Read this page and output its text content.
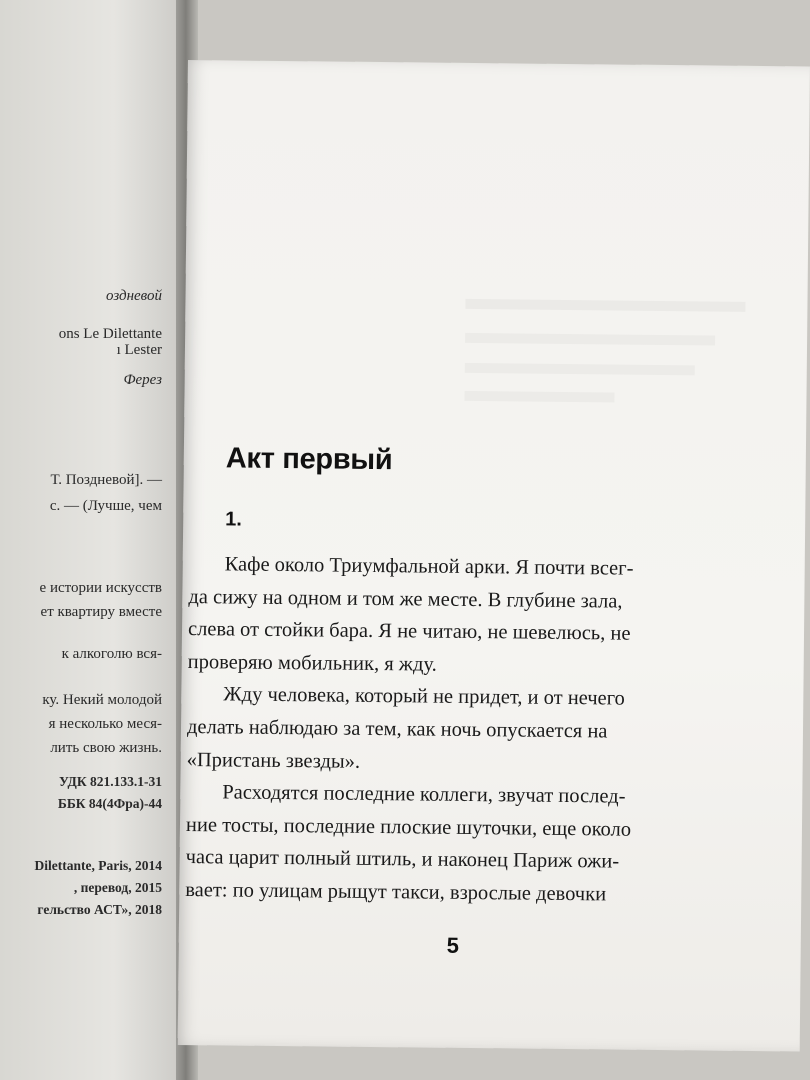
оздневой
ons Le Dilettante
ı Lester
Ферез
Т. Поздневой]. —
с. — (Лучше, чем
е истории искусств
ет квартиру вместе
к алкоголю вся-
ку. Некий молодой
я несколько меся-
лить свою жизнь.
УДК 821.133.1-31
ББК 84(4Фра)-44
Dilettante, Paris, 2014
, перевод, 2015
гельство АСТ», 2018
Акт первый
1.
Кафе около Триумфальной арки. Я почти всег-
да сижу на одном и том же месте. В глубине зала,
слева от стойки бара. Я не читаю, не шевелюсь, не
проверяю мобильник, я жду.
Жду человека, который не придет, и от нечего
делать наблюдаю за тем, как ночь опускается на
«Пристань звезды».
Расходятся последние коллеги, звучат послед-
ние тосты, последние плоские шуточки, еще около
часа царит полный штиль, и наконец Париж ожи-
вает: по улицам рыщут такси, взрослые девочки
5
